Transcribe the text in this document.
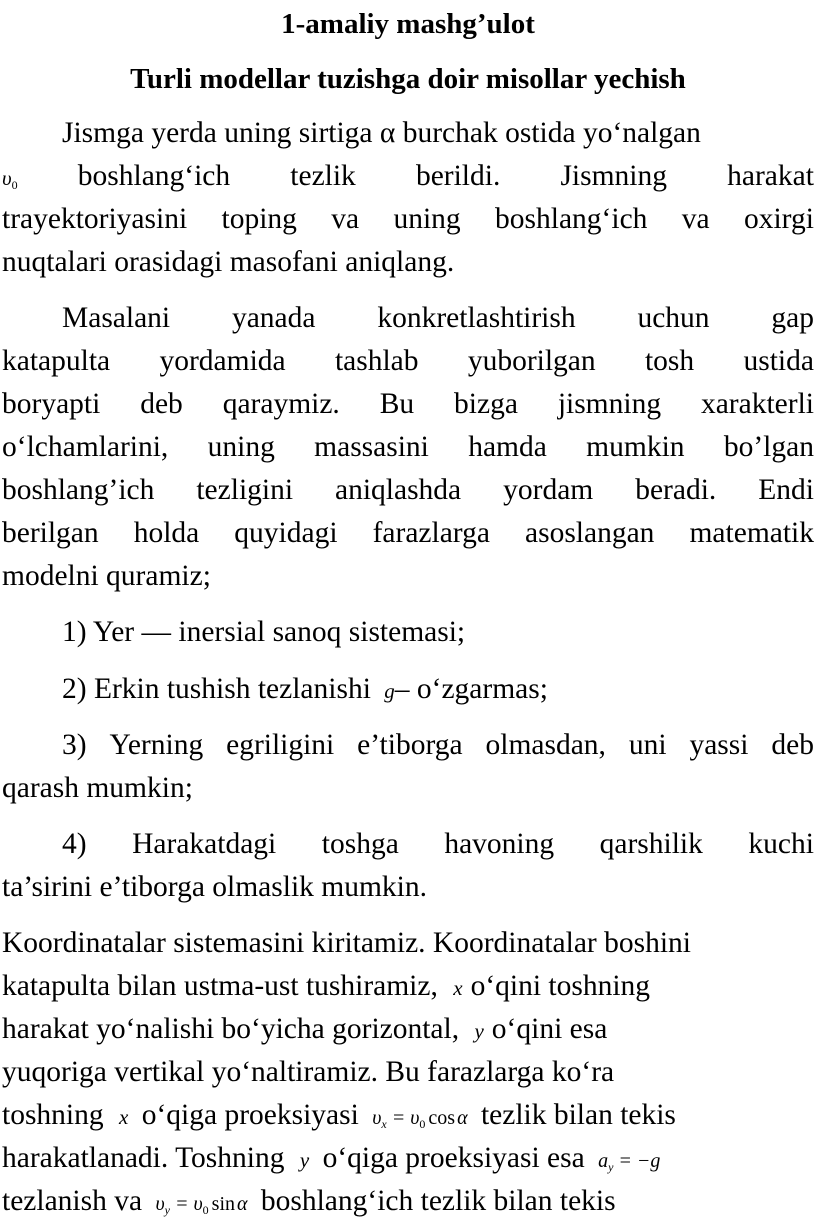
1-amaliy mashg’ulot
Turli modellar tuzishga doir misollar yechish
Jismga yerda uning sirtiga α burchak ostida yo‘nalgan
$\upsilon_0$ boshlang‘ich tezlik berildi. Jismning harakat
trayektoriyasini toping va uning boshlang‘ich va oxirgi
nuqtalari orasidagi masofani aniqlang.
Masalani yanada konkretlashtirish uchun gap
katapulta yordamida tashlab yuborilgan tosh ustida
boryapti deb qaraymiz. Bu bizga jismning xarakterli
o‘lchamlarini, uning massasini hamda mumkin bo’lgan
boshlang’ich tezligini aniqlashda yordam beradi. Endi
berilgan holda quyidagi farazlarga asoslangan matematik
modelni quramiz;
1) Yer — inersial sanoq sistemasi;
2) Erkin tushish tezlanishi g– o‘zgarmas;
3) Yerning egriligini e’tiborga olmasdan, uni yassi deb
qarash mumkin;
4) Harakatdagi toshga havoning qarshilik kuchi
ta’sirini e’tiborga olmaslik mumkin.
Koordinatalar sistemasini kiritamiz. Koordinatalar boshini
katapulta bilan ustma-ust tushiramiz, x o‘qini toshning
harakat yo‘nalishi bo‘yicha gorizontal, y o‘qini esa
yuqoriga vertikal yo‘naltiramiz. Bu farazlarga ko‘ra
toshning x o‘qiga proeksiyasi $\upsilon_x = \upsilon_0$ cos α tezlik bilan tekis
harakatlanadi. Toshning y o‘qiga proeksiyasi esa $a_y = -g$
tezlanish va $\upsilon_y = \upsilon_0$ sin α boshlang‘ich tezlik bilan tekis
